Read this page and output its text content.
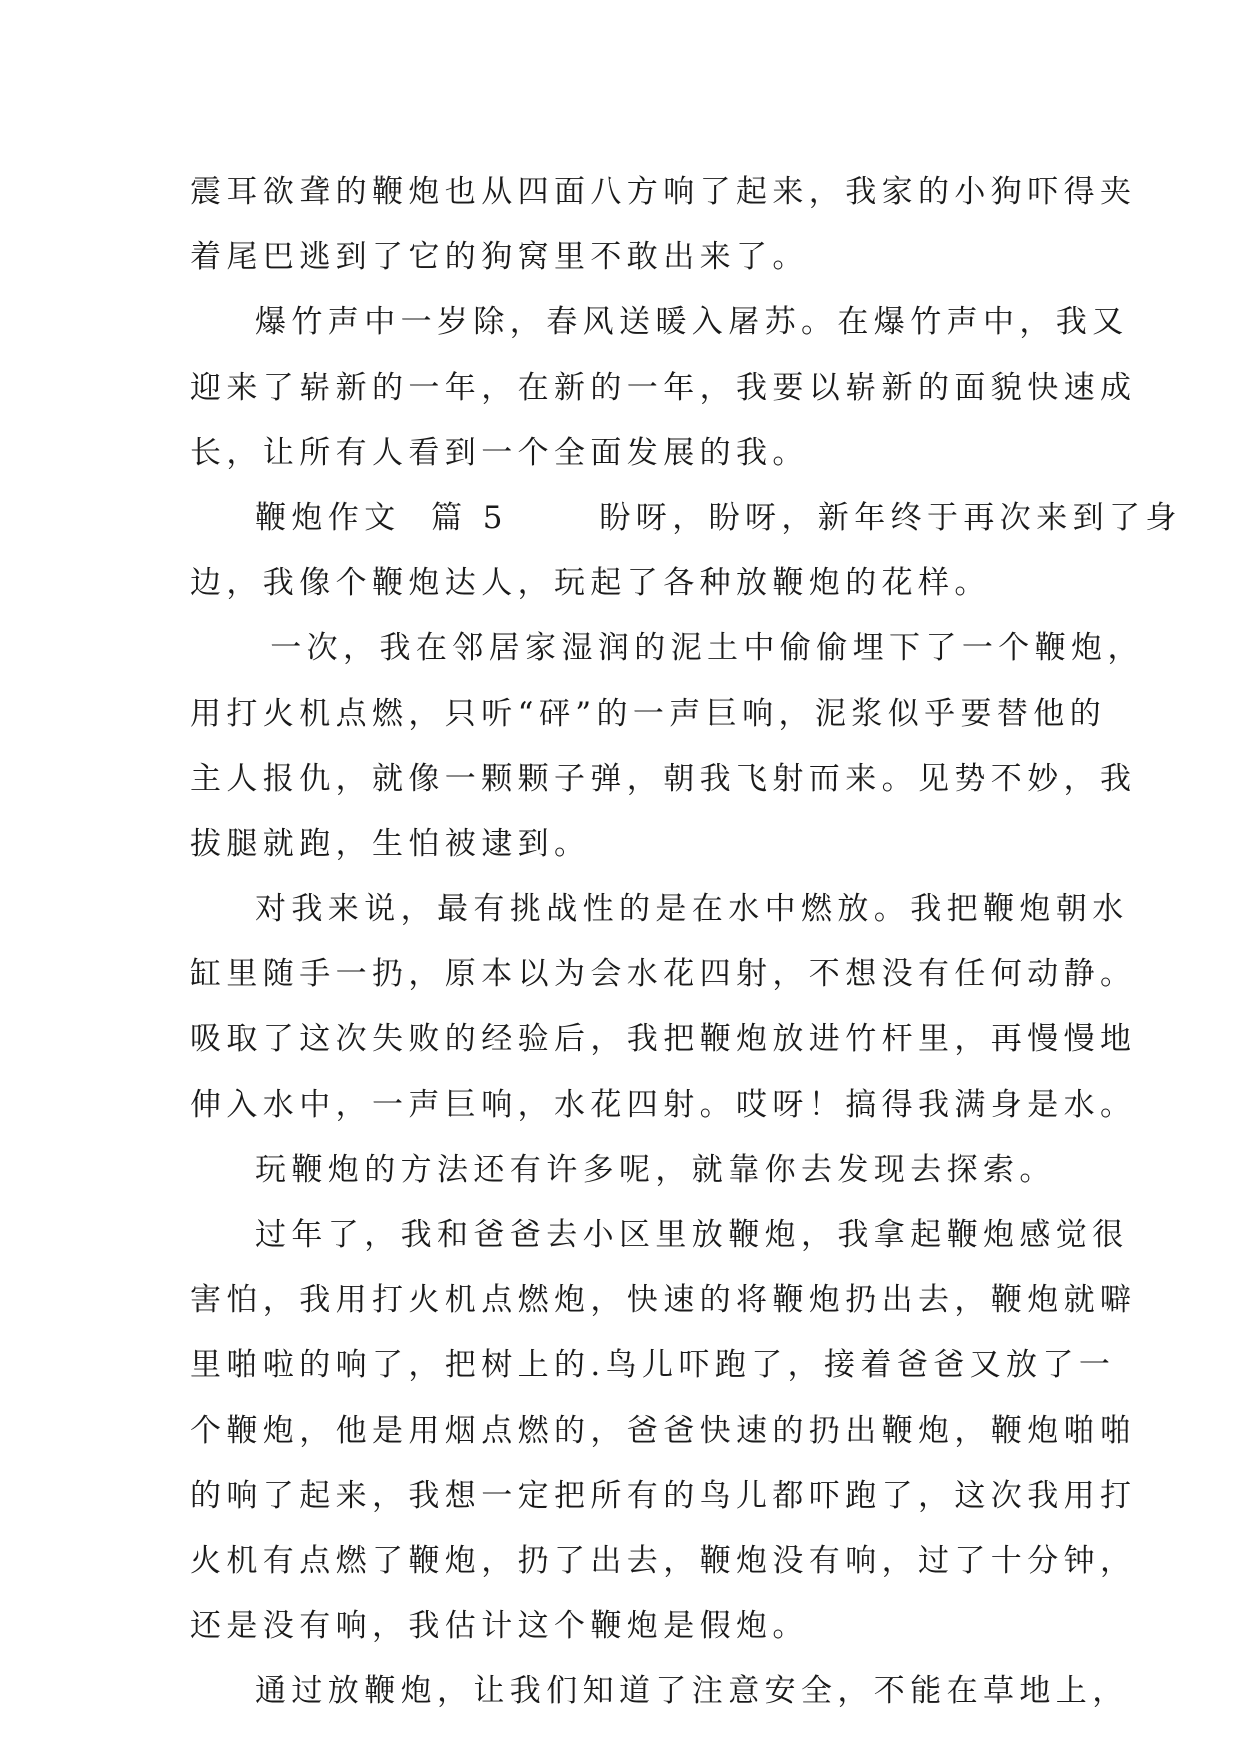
震耳欲聋的鞭炮也从四面八方响了起来，我家的小狗吓得夹
着尾巴逃到了它的狗窝里不敢出来了。
爆竹声中一岁除，春风送暖入屠苏。在爆竹声中，我又
迎来了崭新的一年，在新的一年，我要以崭新的面貌快速成
长，让所有人看到一个全面发展的我。
鞭炮作文  篇 5      盼呀，盼呀，新年终于再次来到了身
边，我像个鞭炮达人，玩起了各种放鞭炮的花样。
一次，我在邻居家湿润的泥土中偷偷埋下了一个鞭炮，
用打火机点燃，只听“砰”的一声巨响，泥浆似乎要替他的
主人报仇，就像一颗颗子弹，朝我飞射而来。见势不妙，我
拔腿就跑，生怕被逮到。
对我来说，最有挑战性的是在水中燃放。我把鞭炮朝水
缸里随手一扔，原本以为会水花四射，不想没有任何动静。
吸取了这次失败的经验后，我把鞭炮放进竹杆里，再慢慢地
伸入水中，一声巨响，水花四射。哎呀！搞得我满身是水。
玩鞭炮的方法还有许多呢，就靠你去发现去探索。
过年了，我和爸爸去小区里放鞭炮，我拿起鞭炮感觉很
害怕，我用打火机点燃炮，快速的将鞭炮扔出去，鞭炮就噼
里啪啦的响了，把树上的.鸟儿吓跑了，接着爸爸又放了一
个鞭炮，他是用烟点燃的，爸爸快速的扔出鞭炮，鞭炮啪啪
的响了起来，我想一定把所有的鸟儿都吓跑了，这次我用打
火机有点燃了鞭炮，扔了出去，鞭炮没有响，过了十分钟，
还是没有响，我估计这个鞭炮是假炮。
通过放鞭炮，让我们知道了注意安全，不能在草地上，
